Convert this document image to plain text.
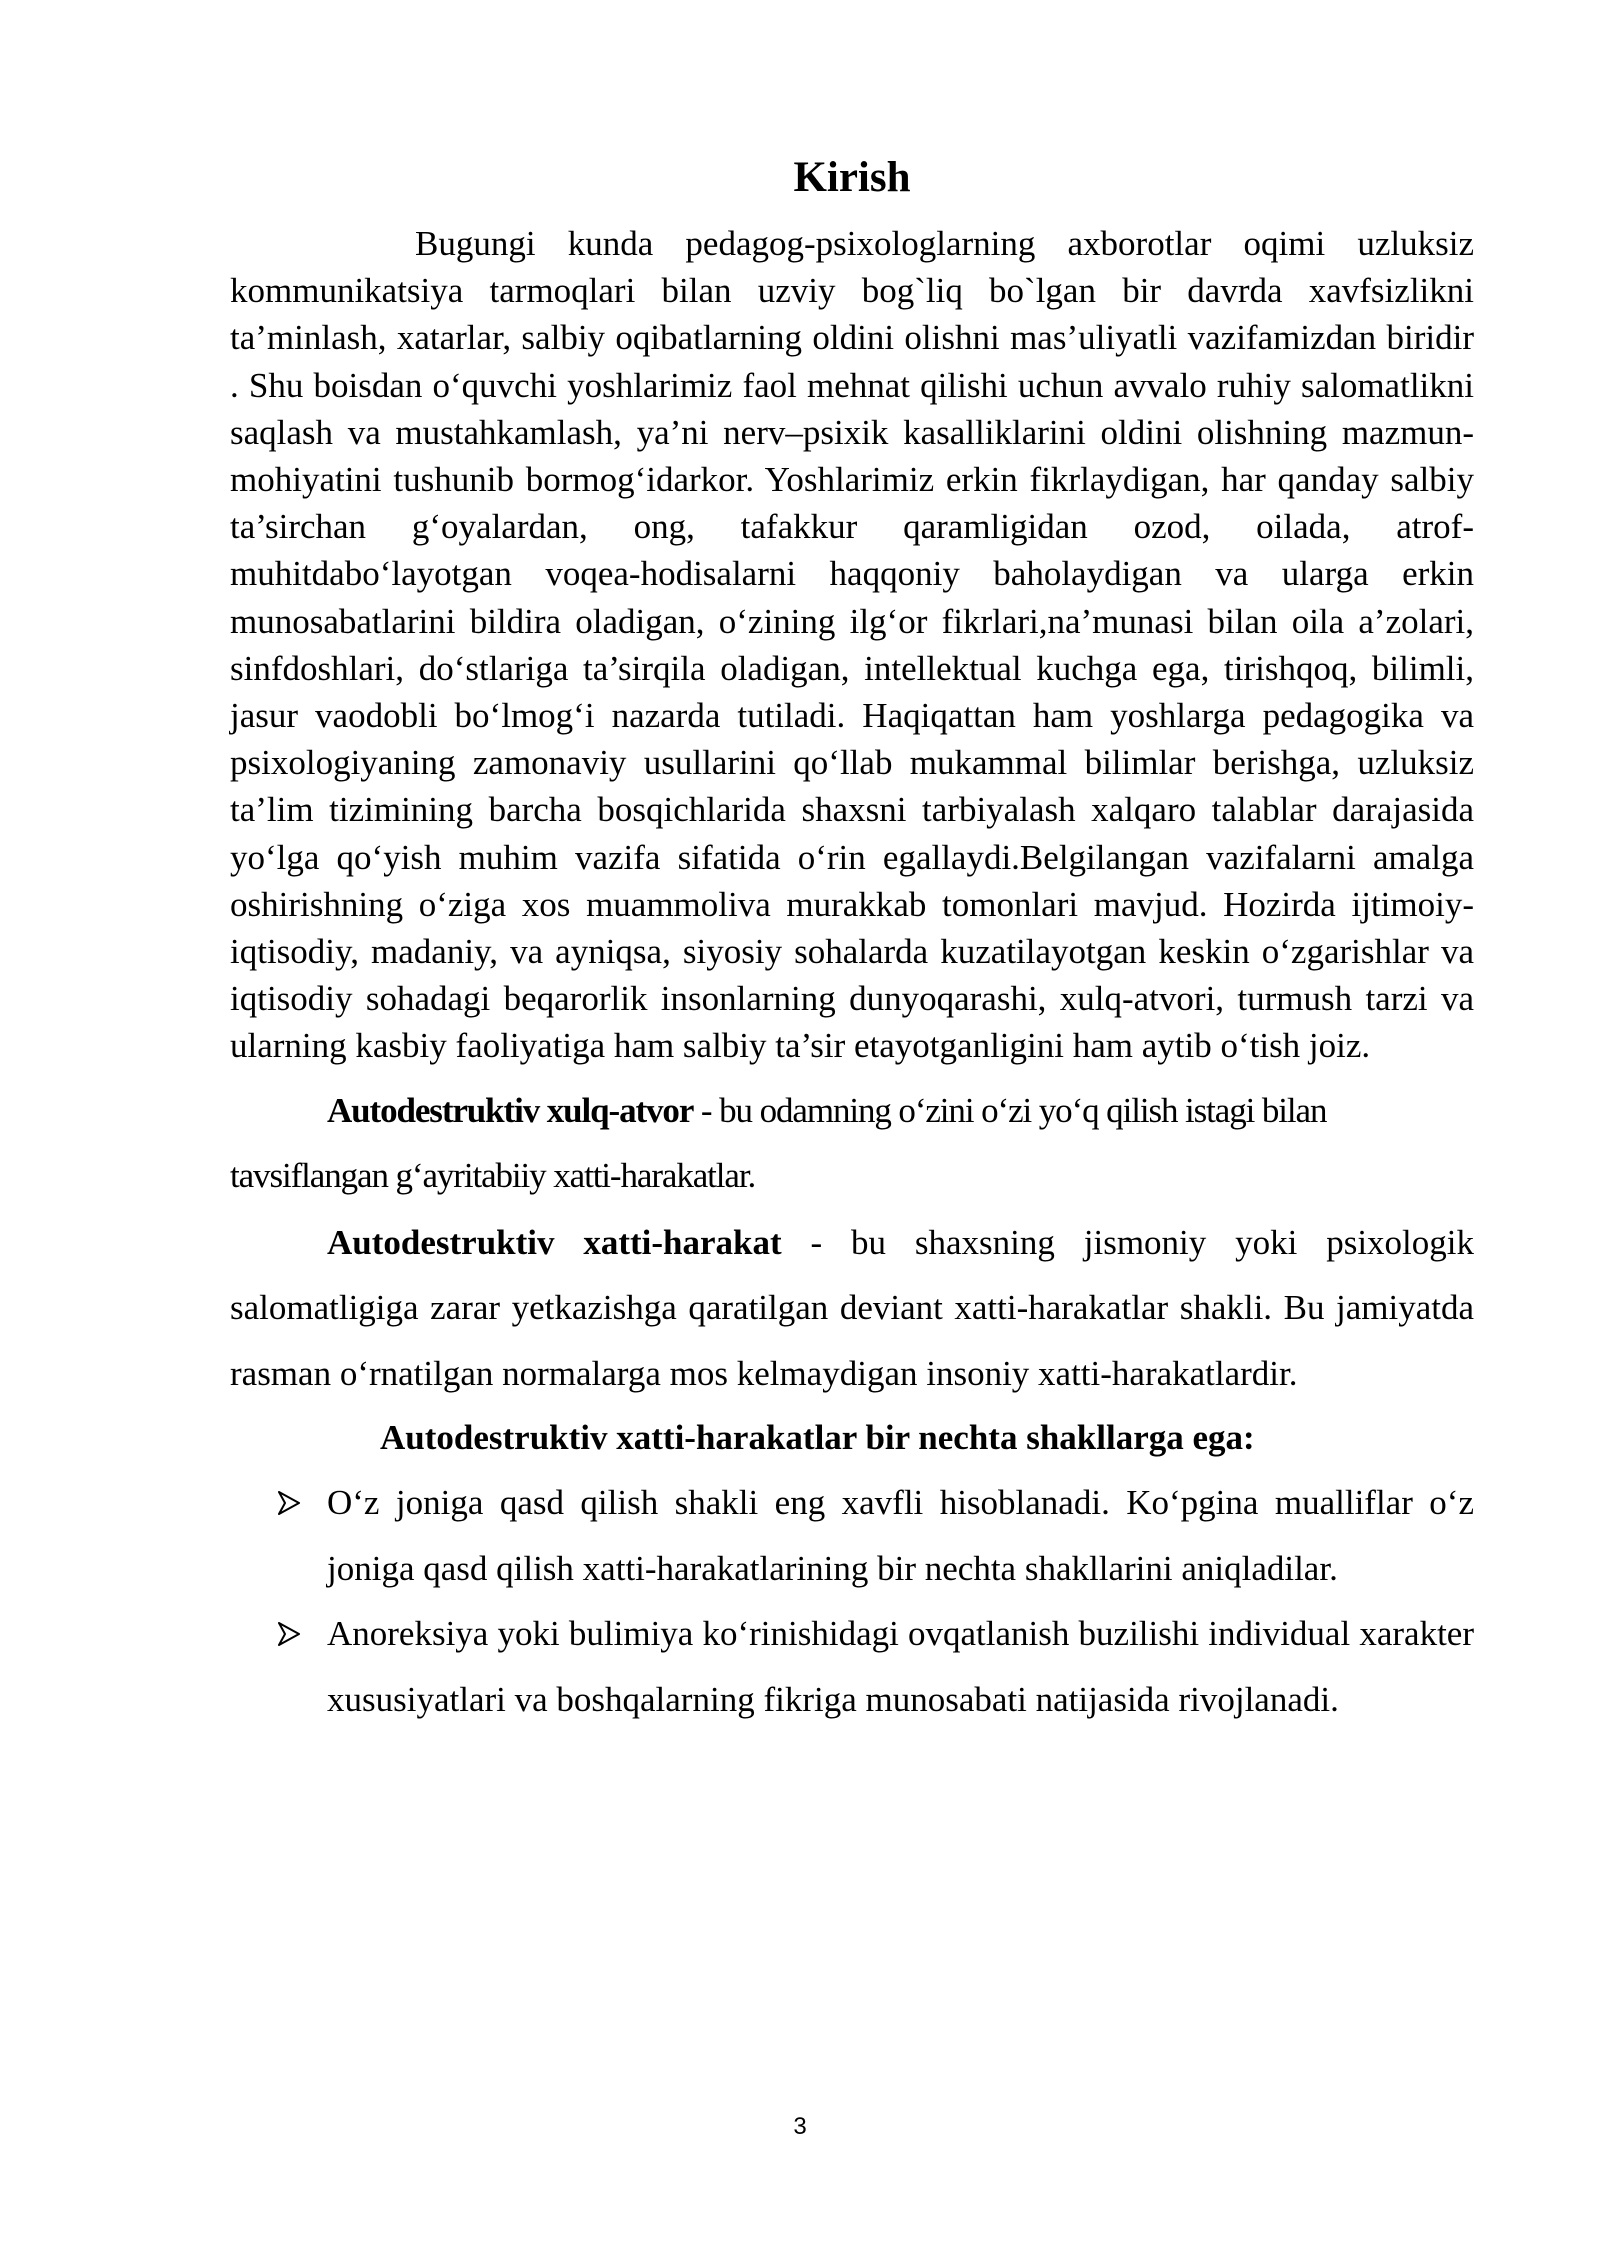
Kirish

Bugungi kunda pedagog-psixologlarning axborotlar oqimi uzluksiz kommunikatsiya tarmoqlari bilan uzviy bog`liq bo`lgan bir davrda xavfsizlikni ta’minlash, xatarlar, salbiy oqibatlarning oldini olishni mas’uliyatli vazifamizdan biridir . Shu boisdan o‘quvchi yoshlarimiz faol mehnat qilishi uchun avvalo ruhiy salomatlikni saqlash va mustahkamlash, ya’ni nerv–psixik kasalliklarini oldini olishning mazmun-mohiyatini tushunib bormog‘idarkor. Yoshlarimiz erkin fikrlaydigan, har qanday salbiy ta’sirchan g‘oyalardan, ong, tafakkur qaramligidan ozod, oilada, atrof-muhitdabo‘layotgan voqea-hodisalarni haqqoniy baholaydigan va ularga erkin munosabatlarini bildira oladigan, o‘zining ilg‘or fikrlari,na’munasi bilan oila a’zolari, sinfdoshlari, do‘stlariga ta’sirqila oladigan, intellektual kuchga ega, tirishqoq, bilimli, jasur vaodobli bo‘lmog‘i nazarda tutiladi. Haqiqattan ham yoshlarga pedagogika va psixologiyaning zamonaviy usullarini qo‘llab mukammal bilimlar berishga, uzluksiz ta’lim tizimining barcha bosqichlarida shaxsni tarbiyalash xalqaro talablar darajasida yo‘lga qo‘yish muhim vazifa sifatida o‘rin egallaydi.Belgilangan vazifalarni amalga oshirishning o‘ziga xos muammoliva murakkab tomonlari mavjud. Hozirda ijtimoiy-iqtisodiy, madaniy, va ayniqsa, siyosiy sohalarda kuzatilayotgan keskin o‘zgarishlar va iqtisodiy sohadagi beqarorlik insonlarning dunyoqarashi, xulq-atvori, turmush tarzi va ularning kasbiy faoliyatiga ham salbiy ta’sir etayotganligini ham aytib o‘tish joiz.

Autodestruktiv xulq-atvor - bu odamning o‘zini o‘zi yo‘q qilish istagi bilan tavsiflangan g‘ayritabiiy xatti-harakatlar.

Autodestruktiv xatti-harakat - bu shaxsning jismoniy yoki psixologik salomatligiga zarar yetkazishga qaratilgan deviant xatti-harakatlar shakli. Bu jamiyatda rasman o‘rnatilgan normalarga mos kelmaydigan insoniy xatti-harakatlardir.

Autodestruktiv xatti-harakatlar bir nechta shakllarga ega:

O‘z joniga qasd qilish shakli eng xavfli hisoblanadi. Ko‘pgina mualliflar o‘z joniga qasd qilish xatti-harakatlarining bir nechta shakllarini aniqladilar.
Anoreksiya yoki bulimiya ko‘rinishidagi ovqatlanish buzilishi individual xarakter xususiyatlari va boshqalarning fikriga munosabati natijasida rivojlanadi.
3
